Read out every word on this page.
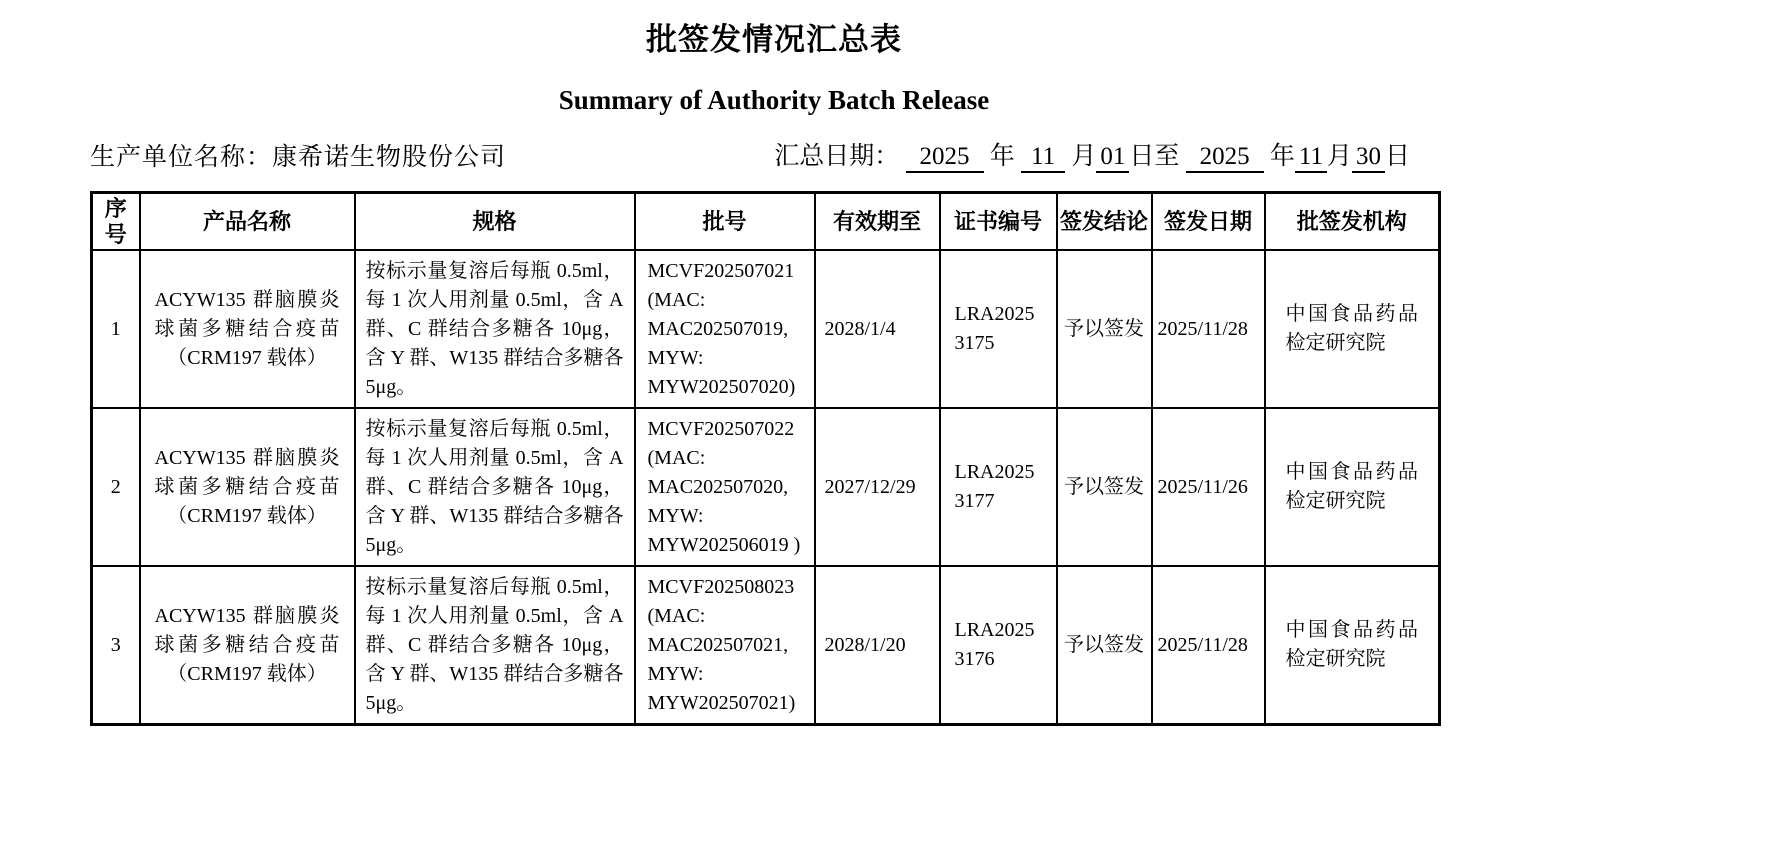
批签发情况汇总表
Summary of Authority Batch Release
生产单位名称：康希诺生物股份公司	汇总日期： 2025 年 11 月 01 日至 2025 年 11 月 30 日
序号	产品名称	规格	批号	有效期至	证书编号	签发结论	签发日期	批签发机构
1	ACYW135 群脑膜炎球菌多糖结合疫苗（CRM197 载体）	按标示量复溶后每瓶 0.5ml，每 1 次人用剂量 0.5ml，含 A 群、C 群结合多糖各 10μg，含 Y 群、W135 群结合多糖各 5μg。	MCVF202507021 (MAC: MAC202507019, MYW: MYW202507020)	2028/1/4	LRA20253175	予以签发	2025/11/28	中国食品药品检定研究院
2	ACYW135 群脑膜炎球菌多糖结合疫苗（CRM197 载体）	按标示量复溶后每瓶 0.5ml，每 1 次人用剂量 0.5ml，含 A 群、C 群结合多糖各 10μg，含 Y 群、W135 群结合多糖各 5μg。	MCVF202507022 (MAC: MAC202507020, MYW: MYW202506019 )	2027/12/29	LRA20253177	予以签发	2025/11/26	中国食品药品检定研究院
3	ACYW135 群脑膜炎球菌多糖结合疫苗（CRM197 载体）	按标示量复溶后每瓶 0.5ml，每 1 次人用剂量 0.5ml，含 A 群、C 群结合多糖各 10μg，含 Y 群、W135 群结合多糖各 5μg。	MCVF202508023 (MAC: MAC202507021, MYW: MYW202507021)	2028/1/20	LRA20253176	予以签发	2025/11/28	中国食品药品检定研究院
